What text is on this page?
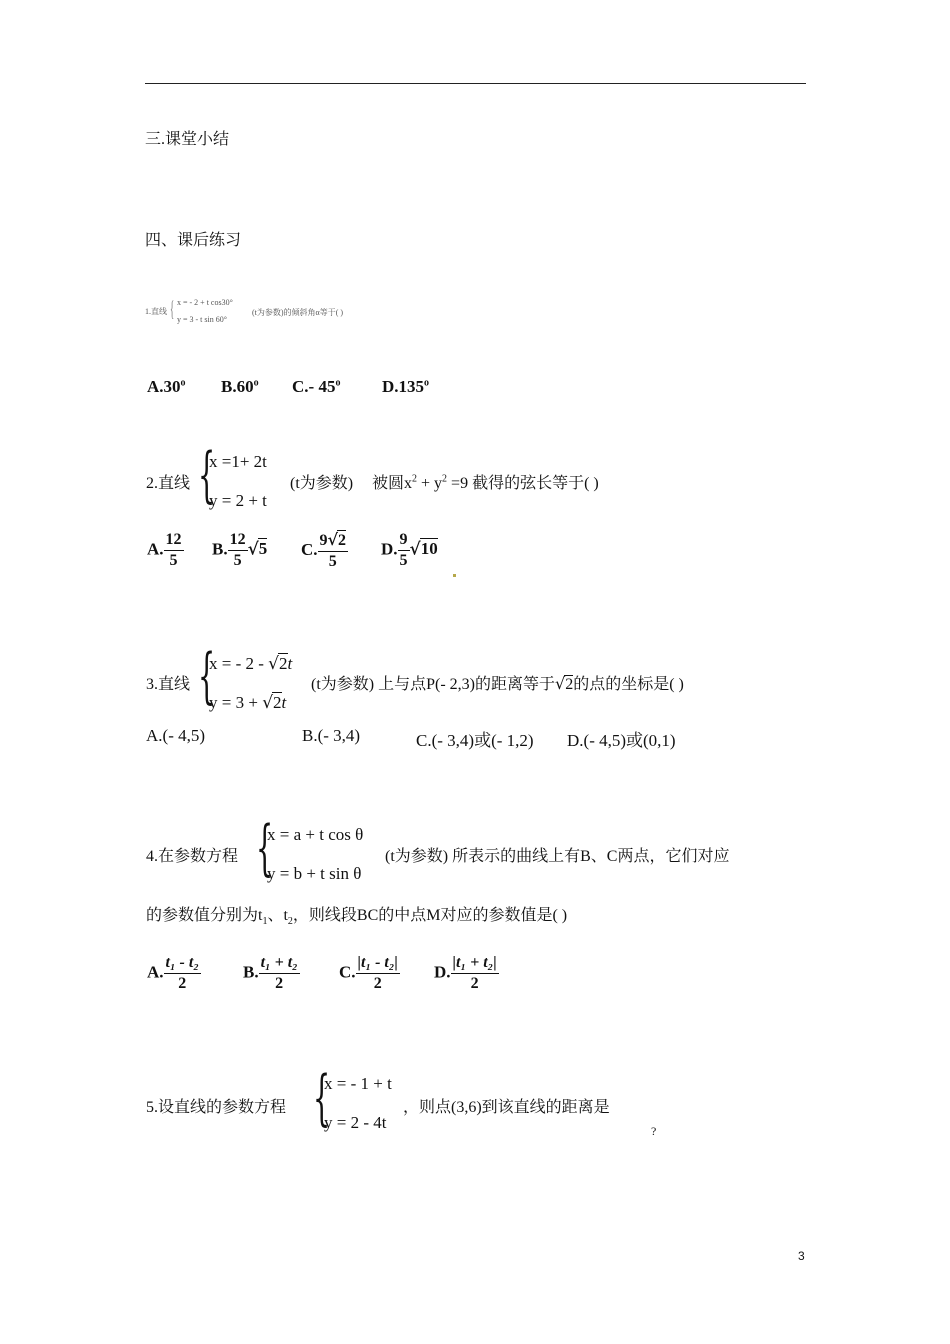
三.课堂小结
四、课后练习
1.直线 { x = - 2 + t cos30°
y = 3 - t sin 60°
(t为参数)的倾斜角α等于( )
A.30$^o$ B.60$^o$ C.- 45$^o$ D.135$^o$
2.直线 {
x =1+ 2t
y = 2 + t
(t为参数) 被圆$x^2 + y^2 =9$ 截得的弦长等于( )
A. $\frac{12}{5} B$. $\frac{12}{5} √5$ C. $\frac{9√2}{5} D$. $\frac{9}{5} √10$
3.直线 {
x = - 2 - √2t
y = 3 + √2t
(t为参数) 上与点P(- 2,3)的距离等于√2的点的坐标是( )
A.(- 4,5)	B.(- 3,4)	C.(- 3,4)或(- 1,2) D.(- 4,5)或(0,1)
4.在参数方程 {
x = a + t cos θ
y = b + t sin θ
(t为参数) 所表示的曲线上有B、C两点，它们对应
的参数值分别为$t_1$、$t_2$，则线段BC的中点M对应的参数值是( )
A. $\frac{\text{t₁ - t₂}}{2} B$. $\frac{\text{t₁ + t₂}}{2} C$. $\frac{\text{|t₁ - t₂|}}{2} D$. $\frac{\text{|t₁ + t₂|}}{2}$
5.设直线的参数方程 {
x = - 1 + t
y = 2 - 4t
，则点(3,6)到该直线的距离是
?
3
